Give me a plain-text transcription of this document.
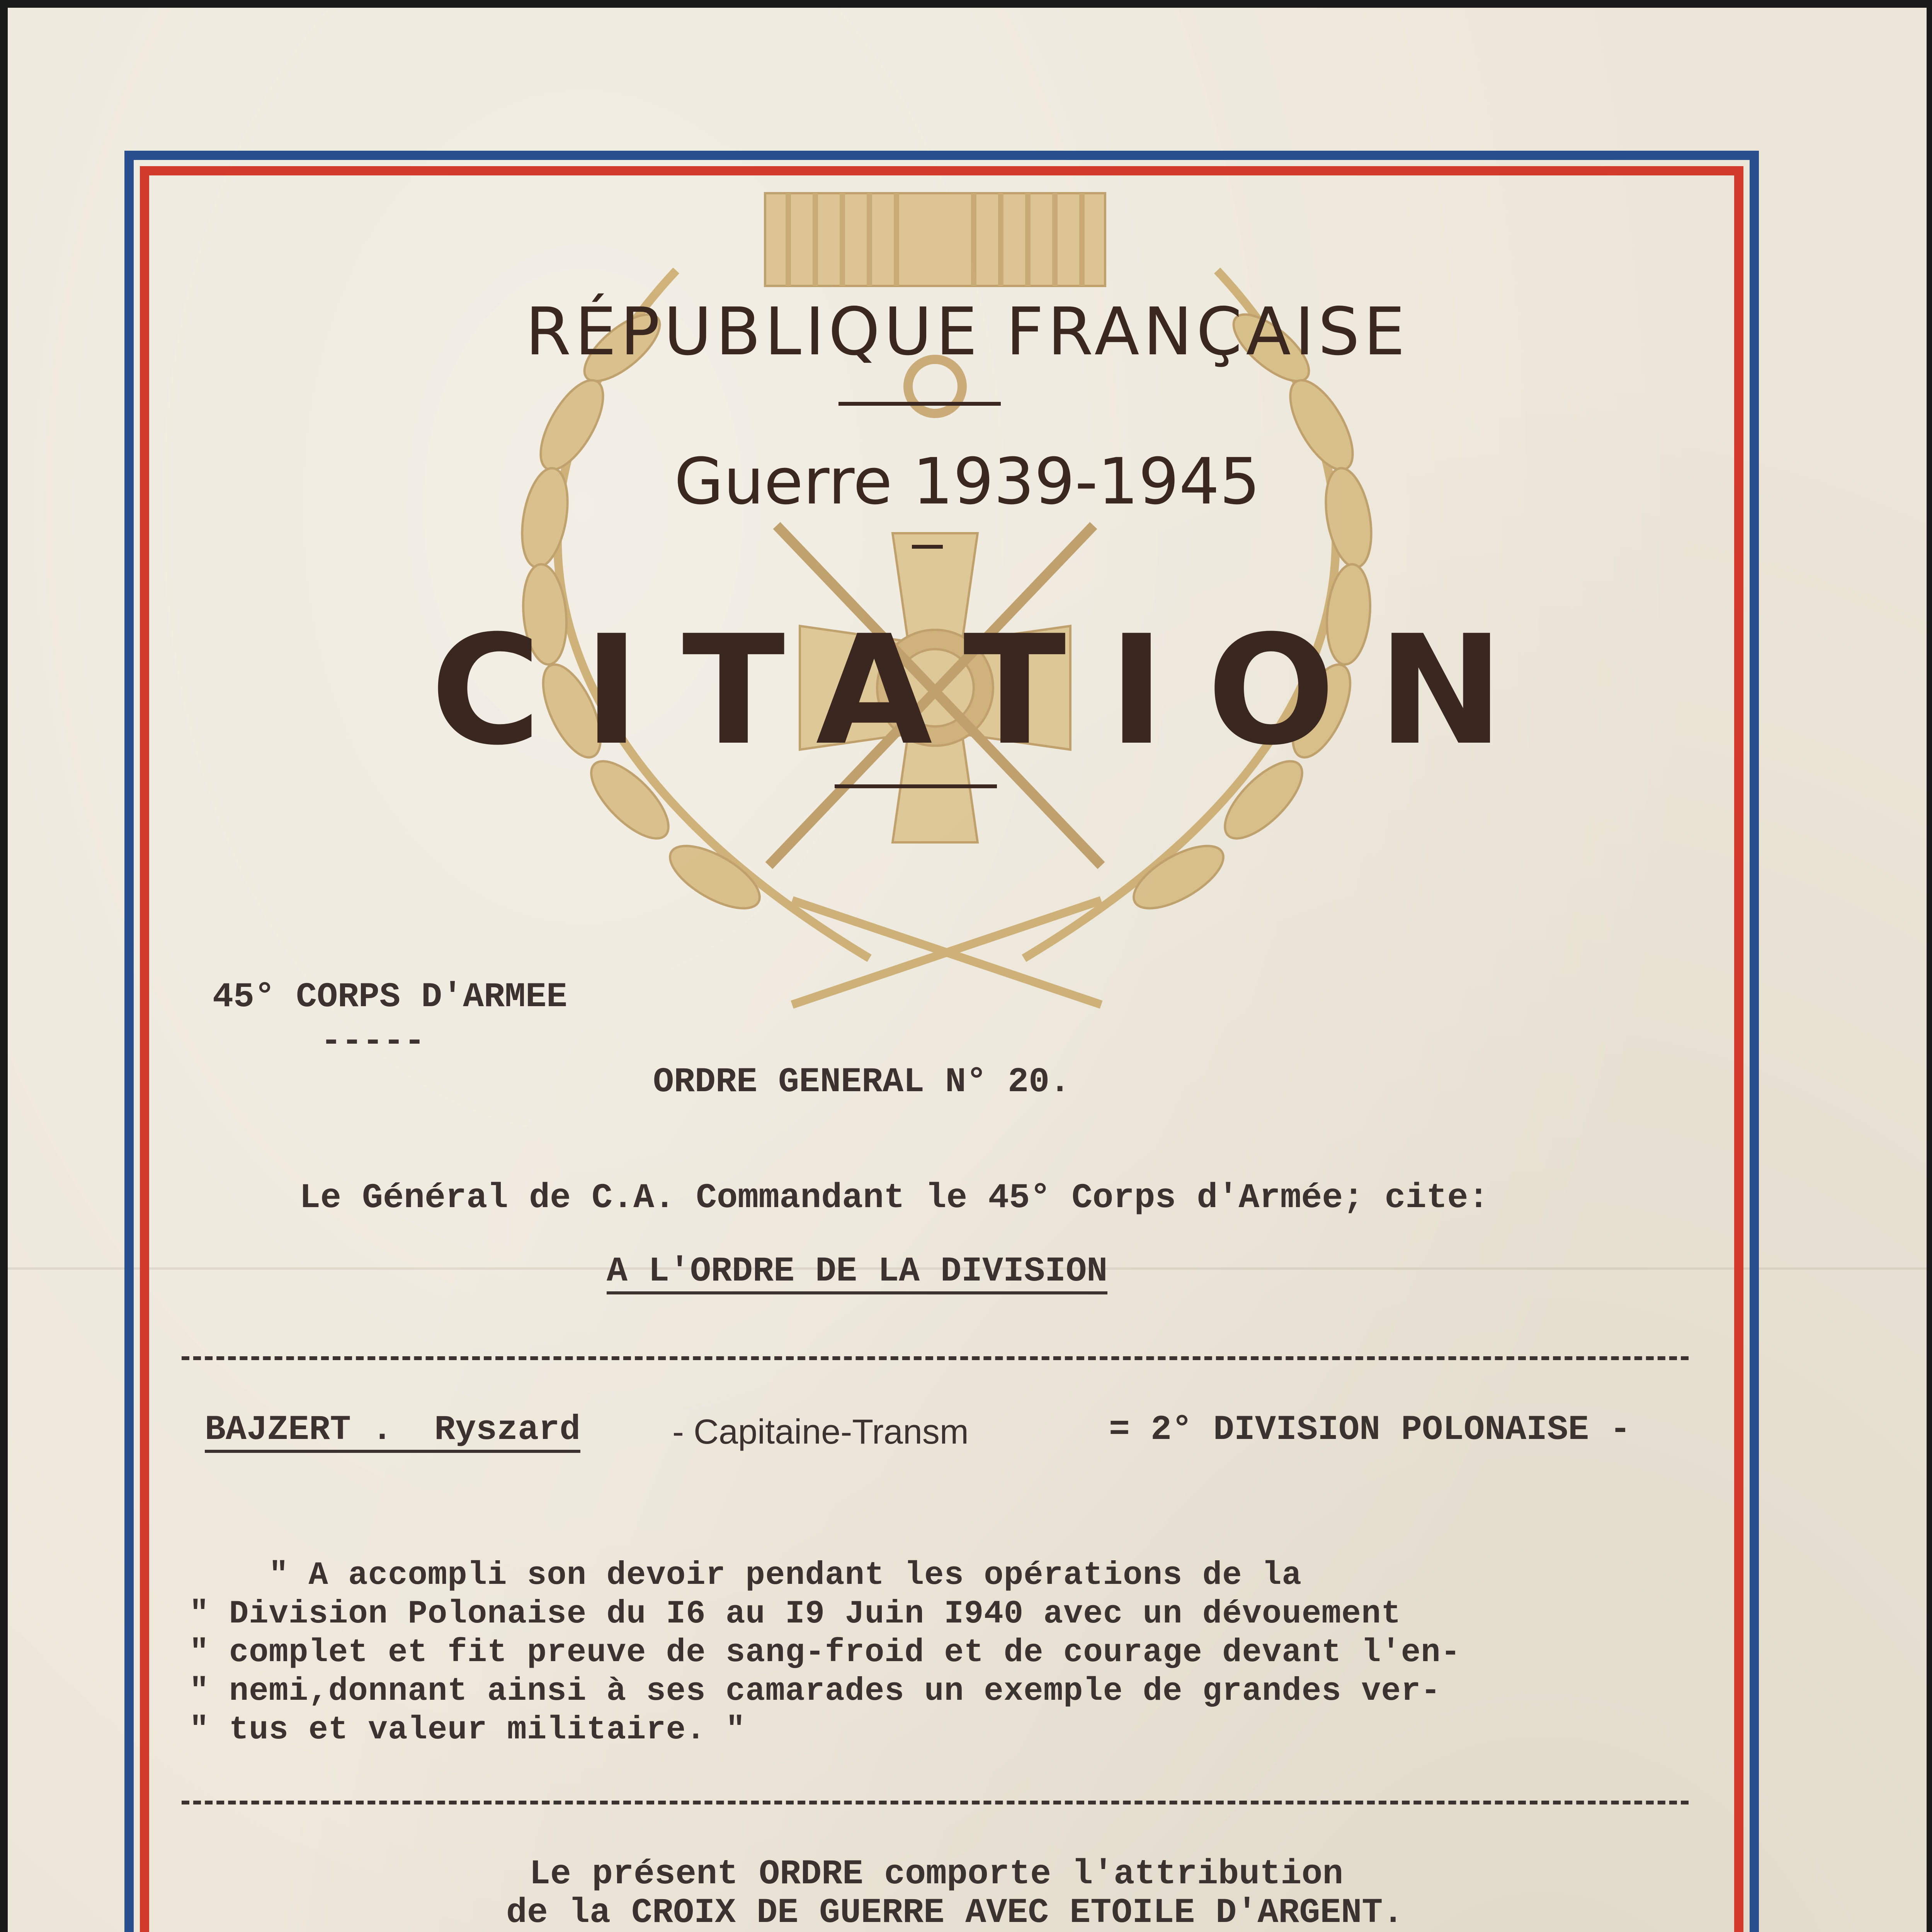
RÉPUBLIQUE FRANÇAISE
Guerre 1939-1945
CITATION
45° CORPS D'ARMEE
-----
ORDRE GENERAL N° 20.
Le Général de C.A. Commandant le 45° Corps d'Armée; cite:
A L'ORDRE DE LA DIVISION
BAJZERT .  Ryszard	- Capitaine-Transm	= 2° DIVISION POLONAISE -
" A accompli son devoir pendant les opérations de la
" Division Polonaise du I6 au I9 Juin I940 avec un dévouement
" complet et fit preuve de sang-froid et de courage devant l'en-
" nemi,donnant ainsi à ses camarades un exemple de grandes ver-
" tus et valeur militaire. "
Le présent ORDRE comporte l'attribution
de la CROIX DE GUERRE AVEC ETOILE D'ARGENT.
